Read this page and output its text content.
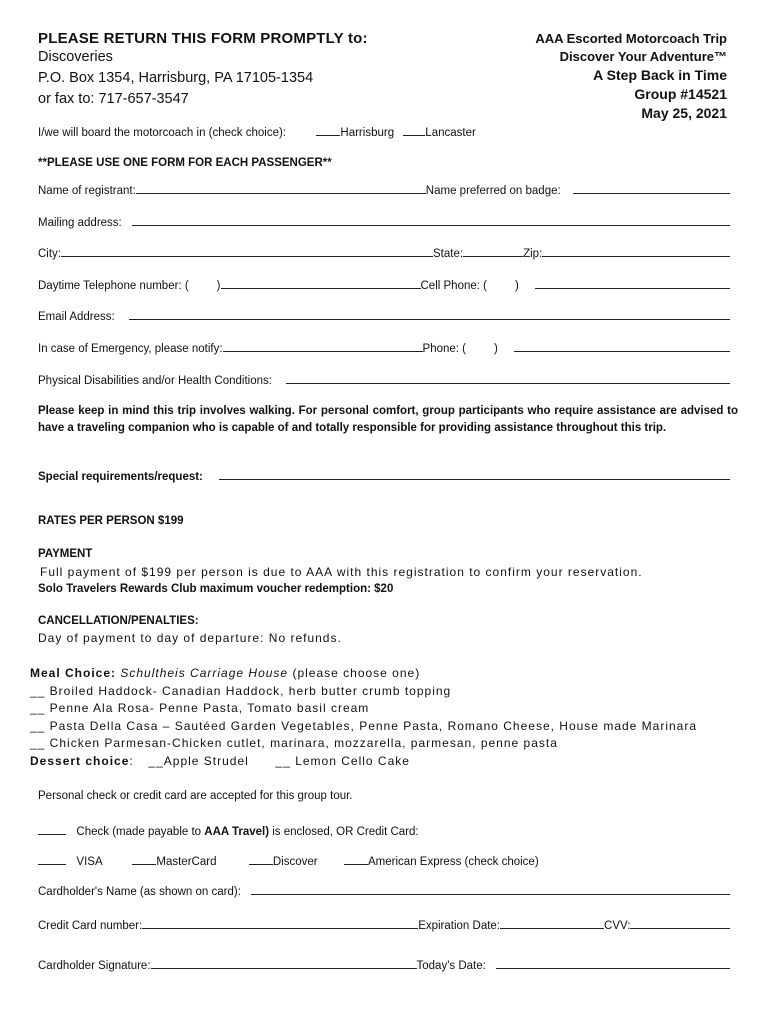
PLEASE RETURN THIS FORM PROMPTLY to:
Discoveries
P.O. Box 1354, Harrisburg, PA 17105-1354
or fax to: 717-657-3547
AAA Escorted Motorcoach Trip
Discover Your Adventure™
A Step Back in Time
Group #14521
May 25, 2021
I/we will board the motorcoach in (check choice):	Harrisburg	Lancaster
**PLEASE USE ONE FORM FOR EACH PASSENGER**
Name of registrant:	Name preferred on badge:
Mailing address:
City:	State:	Zip:
Daytime Telephone number: ( )	Cell Phone: ( )
Email Address:
In case of Emergency, please notify:	Phone: ( )
Physical Disabilities and/or Health Conditions:
Please keep in mind this trip involves walking. For personal comfort, group participants who require assistance are advised to have a traveling companion who is capable of and totally responsible for providing assistance throughout this trip.
Special requirements/request:
RATES PER PERSON $199
PAYMENT
Full payment of $199 per person is due to AAA with this registration to confirm your reservation.
Solo Travelers Rewards Club maximum voucher redemption: $20
CANCELLATION/PENALTIES:
Day of payment to day of departure: No refunds.
Meal Choice: Schultheis Carriage House (please choose one)
__ Broiled Haddock- Canadian Haddock, herb butter crumb topping
__ Penne Ala Rosa- Penne Pasta, Tomato basil cream
__ Pasta Della Casa – Sautéed Garden Vegetables, Penne Pasta, Romano Cheese, House made Marinara
__ Chicken Parmesan-Chicken cutlet, marinara, mozzarella, parmesan, penne pasta
Dessert choice: __Apple Strudel __ Lemon Cello Cake
Personal check or credit card are accepted for this group tour.
Check (made payable to AAA Travel) is enclosed, OR Credit Card:
VISA	MasterCard	Discover	American Express (check choice)
Cardholder's Name (as shown on card):
Credit Card number:	Expiration Date:	CVV:
Cardholder Signature:	Today's Date:
